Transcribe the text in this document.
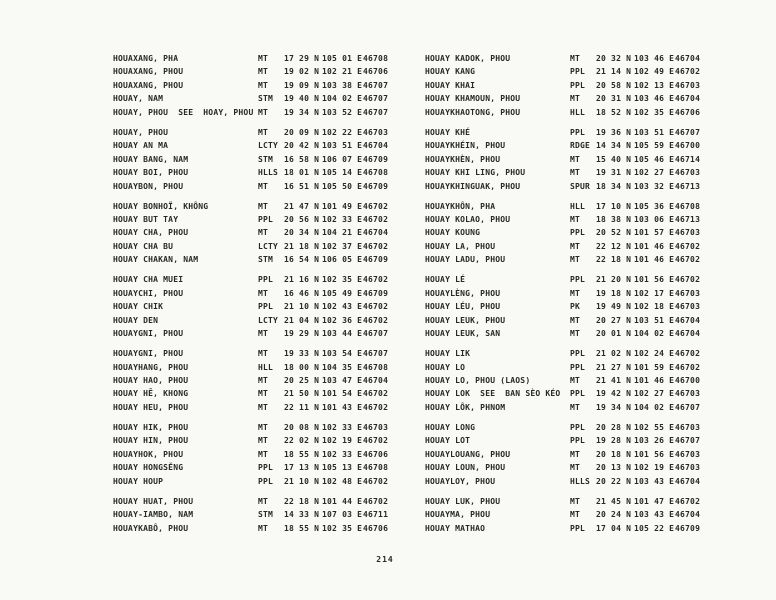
HOUAXANG, PHA	MT	17 29 N 105 01 E 46708
HOUAXANG, PHOU	MT	19 02 N 102 21 E 46706
HOUAXANG, PHOU	MT	19 09 N 103 38 E 46707
HOUAY, NAM	STM	19 40 N 104 02 E 46707
HOUAY, PHOU  SEE  HOAY, PHOU MT	19 34 N 103 52 E 46707
HOUAY, PHOU	MT	20 09 N 102 22 E 46703
HOUAY AN MA	LCTY 20 42 N 103 51 E 46704
HOUAY BANG, NAM	STM	16 58 N 106 07 E 46709
HOUAY BOI, PHOU	HLLS 18 01 N 105 14 E 46708
HOUAYBON, PHOU	MT	16 51 N 105 50 E 46709
HOUAY BONHOÏ, KHÔNG	MT	21 47 N 101 49 E 46702
HOUAY BUT TAY	PPL	20 56 N 102 33 E 46702
HOUAY CHA, PHOU	MT	20 34 N 104 21 E 46704
HOUAY CHA BU	LCTY 21 18 N 102 37 E 46702
HOUAY CHAKAN, NAM	STM	16 54 N 106 05 E 46709
HOUAY CHA MUEI	PPL	21 16 N 102 35 E 46702
HOUAYCHI, PHOU	MT	16 46 N 105 49 E 46709
HOUAY CHIK	PPL	21 10 N 102 43 E 46702
HOUAY DEN	LCTY 21 04 N 102 36 E 46702
HOUAYGNI, PHOU	MT	19 29 N 103 44 E 46707
HOUAYGNI, PHOU	MT	19 33 N 103 54 E 46707
HOUAYHANG, PHOU	HLL	18 00 N 104 35 E 46708
HOUAY HAO, PHOU	MT	20 25 N 103 47 E 46704
HOUAY HĒ, KHONG	MT	21 50 N 101 54 E 46702
HOUAY HEU, PHOU	MT	22 11 N 101 43 E 46702
HOUAY HIK, PHOU	MT	20 08 N 102 33 E 46703
HOUAY HIN, PHOU	MT	22 02 N 102 19 E 46702
HOUAYHOK, PHOU	MT	18 55 N 102 33 E 46706
HOUAY HONGSĚNG	PPL	17 13 N 105 13 E 46708
HOUAY HOUP	PPL	21 10 N 102 48 E 46702
HOUAY HUAT, PHOU	MT	22 18 N 101 44 E 46702
HOUAY-IAMBO, NAM	STM	14 33 N 107 03 E 46711
HOUAYKABÔ, PHOU	MT	18 55 N 102 35 E 46706
HOUAY KADOK, PHOU	MT	20 32 N 103 46 E 46704
HOUAY KANG	PPL	21 14 N 102 49 E 46702
HOUAY KHAI	PPL	20 58 N 102 13 E 46703
HOUAY KHAMOUN, PHOU	MT	20 31 N 103 46 E 46704
HOUAYKHAOTONG, PHOU	HLL	18 52 N 102 35 E 46706
HOUAY KHÉ	PPL	19 36 N 103 51 E 46707
HOUAYKHÉIN, PHOU	RDGE 14 34 N 105 59 E 46700
HOUAYKHÈN, PHOU	MT	15 40 N 105 46 E 46714
HOUAY KHI LING, PHOU	MT	19 31 N 102 27 E 46703
HOUAYKHINGUAK, PHOU	SPUR 18 34 N 103 32 E 46713
HOUAYKHÔN, PHA	HLL	17 10 N 105 36 E 46708
HOUAY KOLAO, PHOU	MT	18 38 N 103 06 E 46713
HOUAY KOUNG	PPL	20 52 N 101 57 E 46703
HOUAY LA, PHOU	MT	22 12 N 101 46 E 46702
HOUAY LADU, PHOU	MT	22 18 N 101 46 E 46702
HOUAY LÉ	PPL	21 20 N 101 56 E 46702
HOUAYLÈNG, PHOU	MT	19 18 N 102 17 E 46703
HOUAY LÉU, PHOU	PK	19 49 N 102 18 E 46703
HOUAY LEUK, PHOU	MT	20 27 N 103 51 E 46704
HOUAY LEUK, SAN	MT	20 01 N 104 02 E 46704
HOUAY LIK	PPL	21 02 N 102 24 E 46702
HOUAY LO	PPL	21 27 N 101 59 E 46702
HOUAY LO, PHOU (LAOS)	MT	21 41 N 101 46 E 46700
HOUAY LOK  SEE  BAN SÈO KÉO	PPL	19 42 N 102 27 E 46703
HOUAY LÔK, PHNOM	MT	19 34 N 104 02 E 46707
HOUAY LONG	PPL	20 28 N 102 55 E 46703
HOUAY LOT	PPL	19 28 N 103 26 E 46707
HOUAYLOUANG, PHOU	MT	20 18 N 101 56 E 46703
HOUAY LOUN, PHOU	MT	20 13 N 102 19 E 46703
HOUAYLOY, PHOU	HLLS 20 22 N 103 43 E 46704
HOUAY LUK, PHOU	MT	21 45 N 101 47 E 46702
HOUAYMA, PHOU	MT	20 24 N 103 43 E 46704
HOUAY MATHAO	PPL	17 04 N 105 22 E 46709
214
